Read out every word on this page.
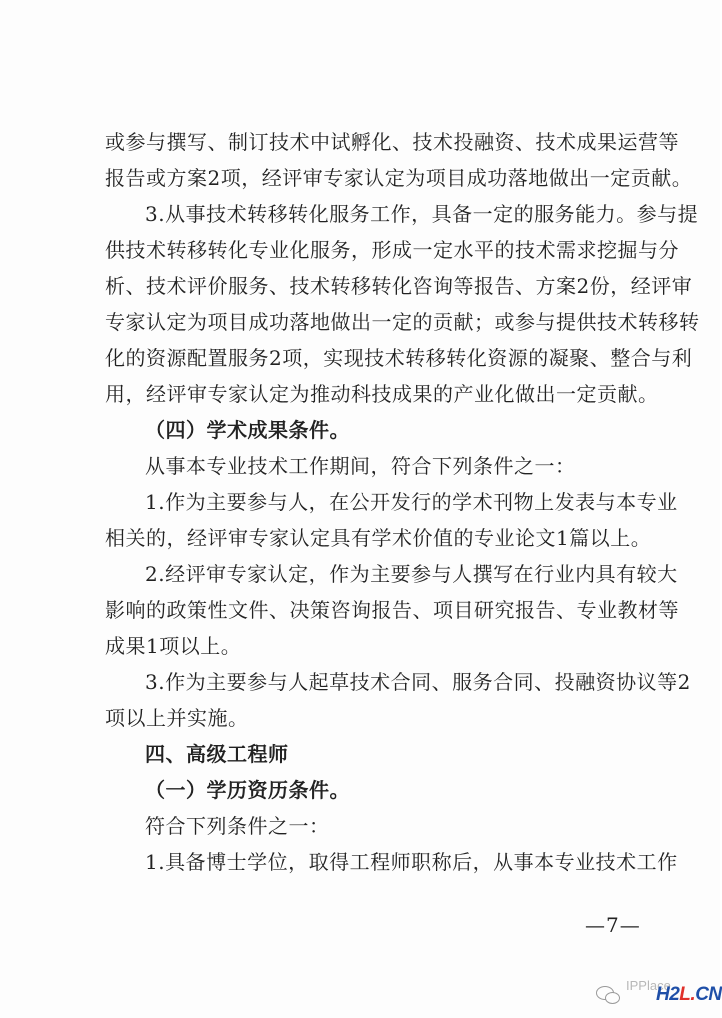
或参与撰写、制订技术中试孵化、技术投融资、技术成果运营等
报告或方案2项，经评审专家认定为项目成功落地做出一定贡献。
3.从事技术转移转化服务工作，具备一定的服务能力。参与提
供技术转移转化专业化服务，形成一定水平的技术需求挖掘与分
析、技术评价服务、技术转移转化咨询等报告、方案2份，经评审
专家认定为项目成功落地做出一定的贡献；或参与提供技术转移转
化的资源配置服务2项，实现技术转移转化资源的凝聚、整合与利
用，经评审专家认定为推动科技成果的产业化做出一定贡献。
（四）学术成果条件。
从事本专业技术工作期间，符合下列条件之一：
1.作为主要参与人，在公开发行的学术刊物上发表与本专业
相关的，经评审专家认定具有学术价值的专业论文1篇以上。
2.经评审专家认定，作为主要参与人撰写在行业内具有较大
影响的政策性文件、决策咨询报告、项目研究报告、专业教材等
成果1项以上。
3.作为主要参与人起草技术合同、服务合同、投融资协议等2
项以上并实施。
四、高级工程师
（一）学历资历条件。
符合下列条件之一：
1.具备博士学位，取得工程师职称后，从事本专业技术工作
—7—
IPPlace
H2L.CN
